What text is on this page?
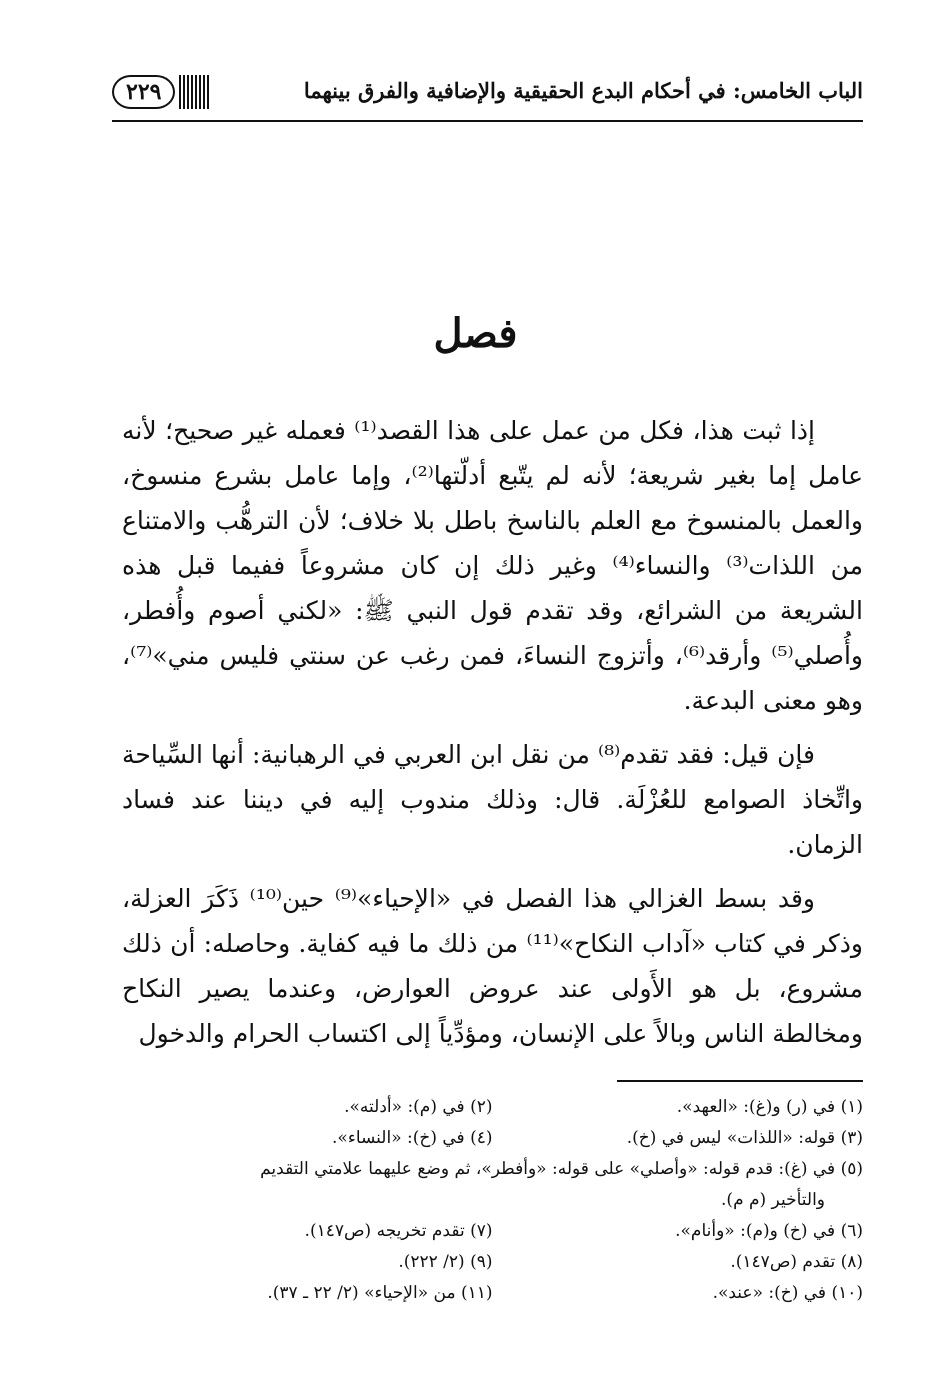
الباب الخامس: في أحكام البدع الحقيقية والإضافية والفرق بينهما
٢٢٩
فصل

إذا ثبت هذا، فكل من عمل على هذا القصد⁽¹⁾ فعمله غير صحيح؛ لأنه عامل إما بغير شريعة؛ لأنه لم يتّبع أدلّتها⁽²⁾، وإما عامل بشرع منسوخ، والعمل بالمنسوخ مع العلم بالناسخ باطل بلا خلاف؛ لأن الترهُّب والامتناع من اللذات⁽³⁾ والنساء⁽⁴⁾ وغير ذلك إن كان مشروعاً ففيما قبل هذه الشريعة من الشرائع، وقد تقدم قول النبي ﷺ: «لكني أصوم وأُفطر، وأُصلي⁽⁵⁾ وأرقد⁽⁶⁾، وأتزوج النساءَ، فمن رغب عن سنتي فليس مني»⁽⁷⁾، وهو معنى البدعة.

فإن قيل: فقد تقدم⁽⁸⁾ من نقل ابن العربي في الرهبانية: أنها السِّياحة واتِّخاذ الصوامع للعُزْلَة. قال: وذلك مندوب إليه في ديننا عند فساد الزمان.

وقد بسط الغزالي هذا الفصل في «الإحياء»⁽⁹⁾ حين⁽¹⁰⁾ ذَكَرَ العزلة، وذكر في كتاب «آداب النكاح»⁽¹¹⁾ من ذلك ما فيه كفاية. وحاصله: أن ذلك مشروع، بل هو الأَولى عند عروض العوارض، وعندما يصير النكاح ومخالطة الناس وبالاً على الإنسان، ومؤدِّياً إلى اكتساب الحرام والدخول

(١) في (ر) و(غ): «العهد».
(٢) في (م): «أدلته».
(٣) قوله: «اللذات» ليس في (خ).
(٤) في (خ): «النساء».
(٥) في (غ): قدم قوله: «وأصلي» على قوله: «وأفطر»، ثم وضع عليهما علامتي التقديم
والتأخير (م م).
(٦) في (خ) و(م): «وأنام».
(٧) تقدم تخريجه (ص١٤٧).
(٨) تقدم (ص١٤٧).
(٩) (٢/ ٢٢٢).
(١٠) في (خ): «عند».
(١١) من «الإحياء» (٢/ ٢٢ ـ ٣٧).
